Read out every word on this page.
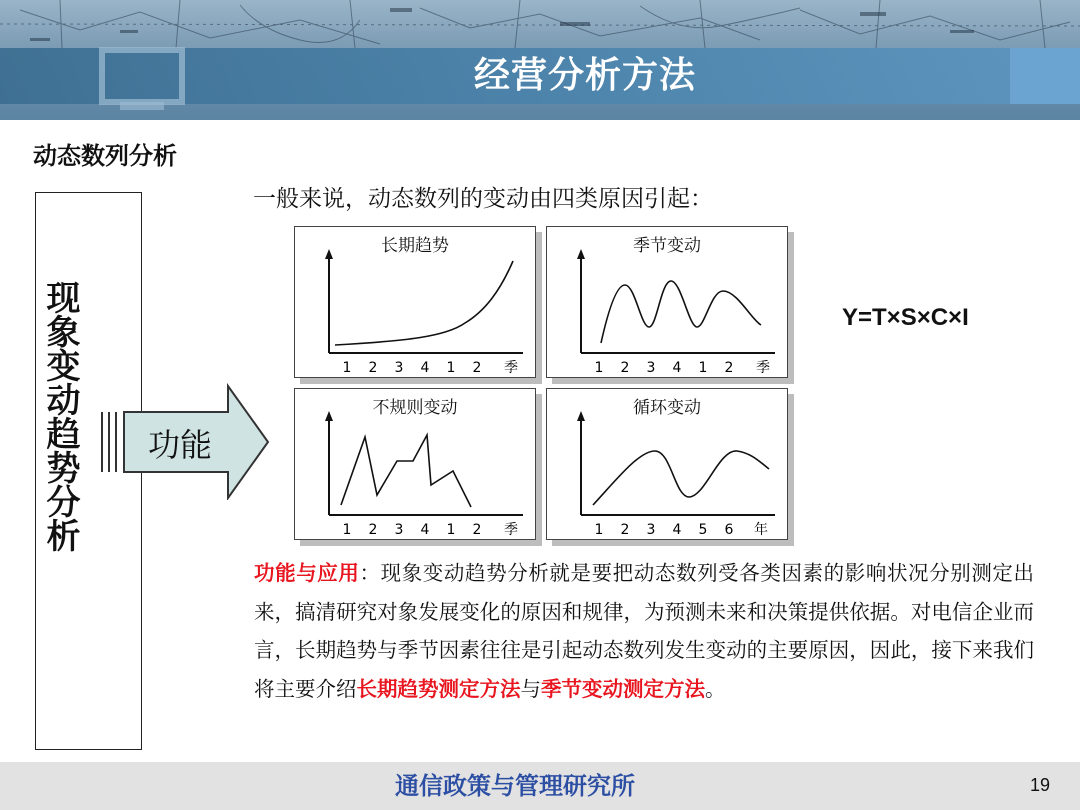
经营分析方法
动态数列分析
现象变动趋势分析 功能
一般来说，动态数列的变动由四类原因引起：
长期趋势
1 2 3 4 1 2 季
季节变动
1 2 3 4 1 2 季
不规则变动
1 2 3 4 1 2 季
循环变动
1 2 3 4 5 6 年
Y=T×S×C×I
功能与应用：现象变动趋势分析就是要把动态数列受各类因素的影响状况分别测定出来，搞清研究对象发展变化的原因和规律，为预测未来和决策提供依据。对电信企业而言，长期趋势与季节因素往往是引起动态数列发生变动的主要原因，因此，接下来我们将主要介绍长期趋势测定方法与季节变动测定方法。
通信政策与管理研究所	19
